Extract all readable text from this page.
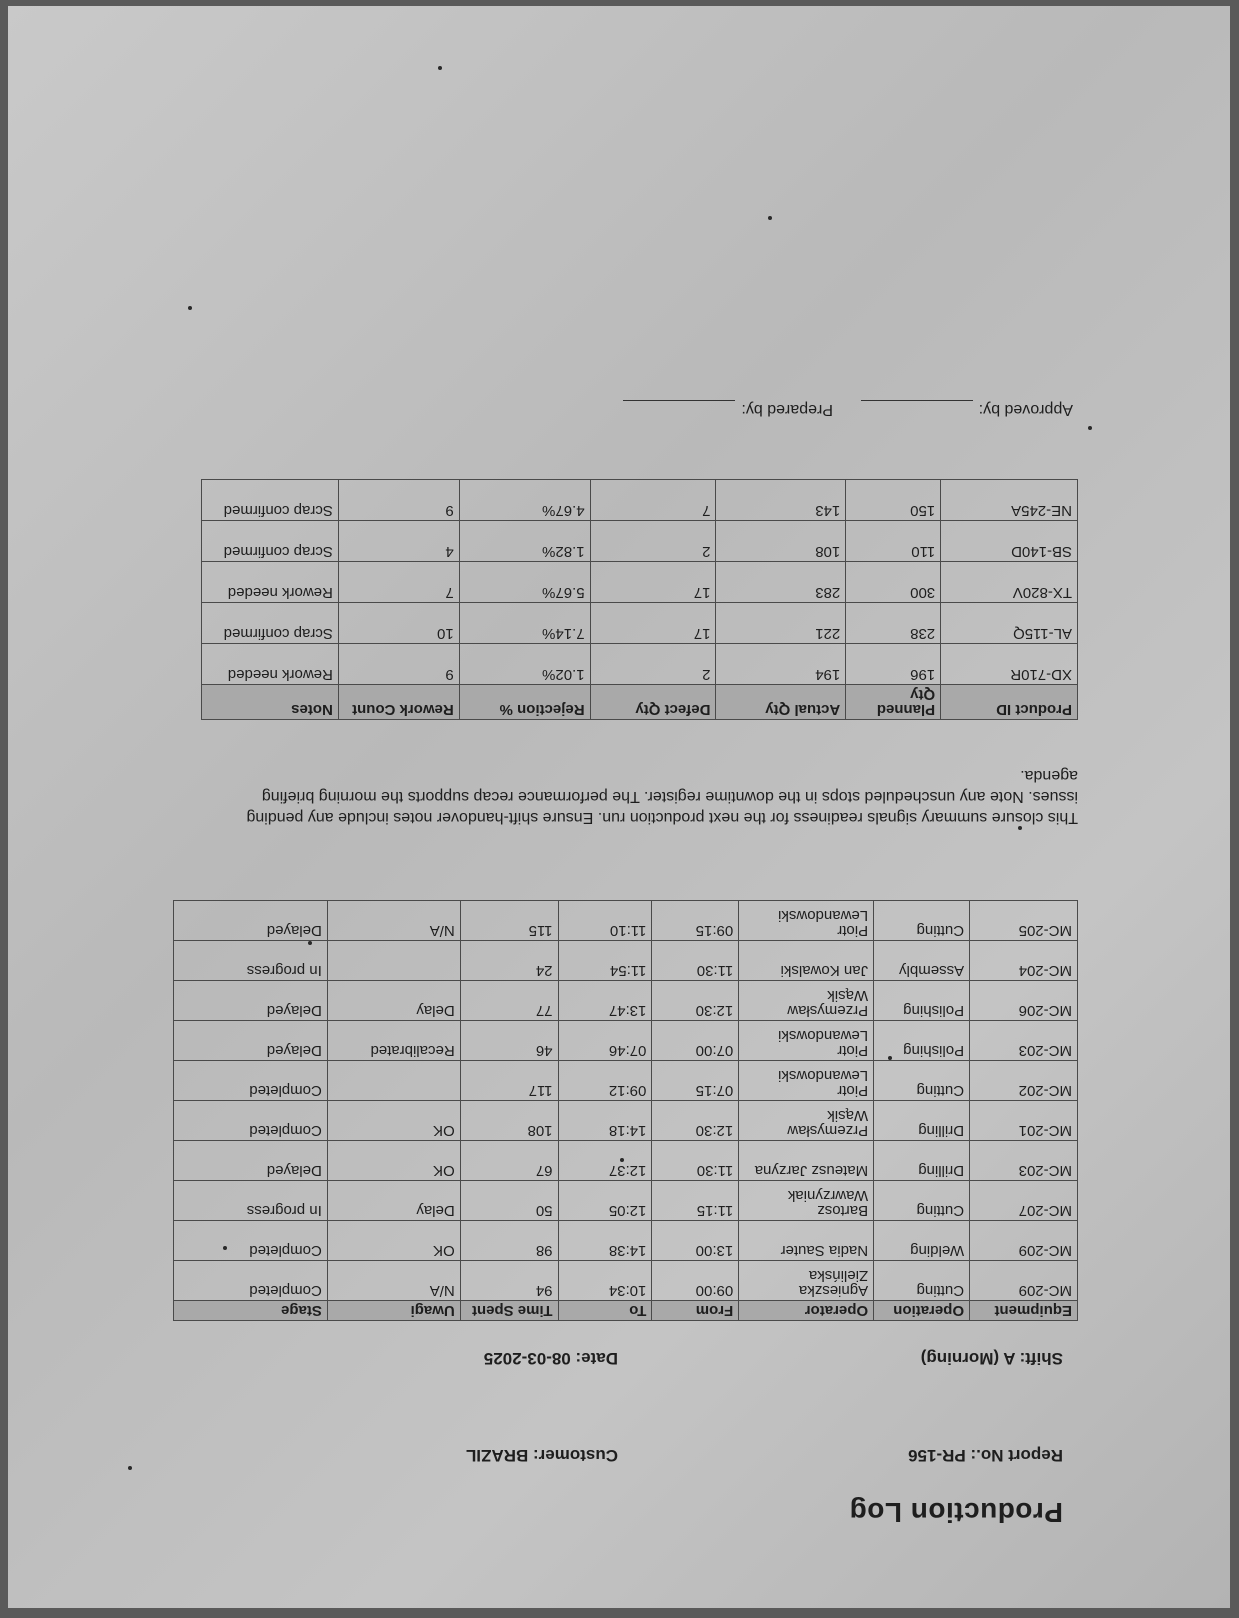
Production Log
Report No.: PR-156
Customer: BRAZIL
Shift: A (Morning)
Date: 08-03-2025
Equipment	Operation	Operator	From	To	Time Spent	Uwagi	Stage
MC-209	Cutting	Agnieszka Zielińska	09:00	10:34	94	N/A	Completed
MC-209	Welding	Nadia Sauter	13:00	14:38	98	OK	Completed
MC-207	Cutting	Bartosz Wawrzyniak	11:15	12:05	50	Delay	In progress
MC-203	Drilling	Mateusz Jarzyna	11:30	12:37	67	OK	Delayed
MC-201	Drilling	Przemysław Wąsik	12:30	14:18	108	OK	Completed
MC-202	Cutting	Piotr Lewandowski	07:15	09:12	117		Completed
MC-203	Polishing	Piotr Lewandowski	07:00	07:46	46	Recalibrated	Delayed
MC-206	Polishing	Przemysław Wąsik	12:30	13:47	77	Delay	Delayed
MC-204	Assembly	Jan Kowalski	11:30	11:54	24		In progress
MC-205	Cutting	Piotr Lewandowski	09:15	11:10	115	N/A	Delayed
This closure summary signals readiness for the next production run. Ensure shift-handover notes include any pending issues. Note any unscheduled stops in the downtime register. The performance recap supports the morning briefing agenda.
Product ID	Planned Qty	Actual Qty	Defect Qty	Rejection %	Rework Count	Notes
XD-710R	196	194	2	1.02%	9	Rework needed
AL-115Q	238	221	17	7.14%	10	Scrap confirmed
TX-820V	300	283	17	5.67%	7	Rework needed
SB-140D	110	108	2	1.82%	4	Scrap confirmed
NE-245A	150	143	7	4.67%	9	Scrap confirmed
Approved by:
Prepared by:
